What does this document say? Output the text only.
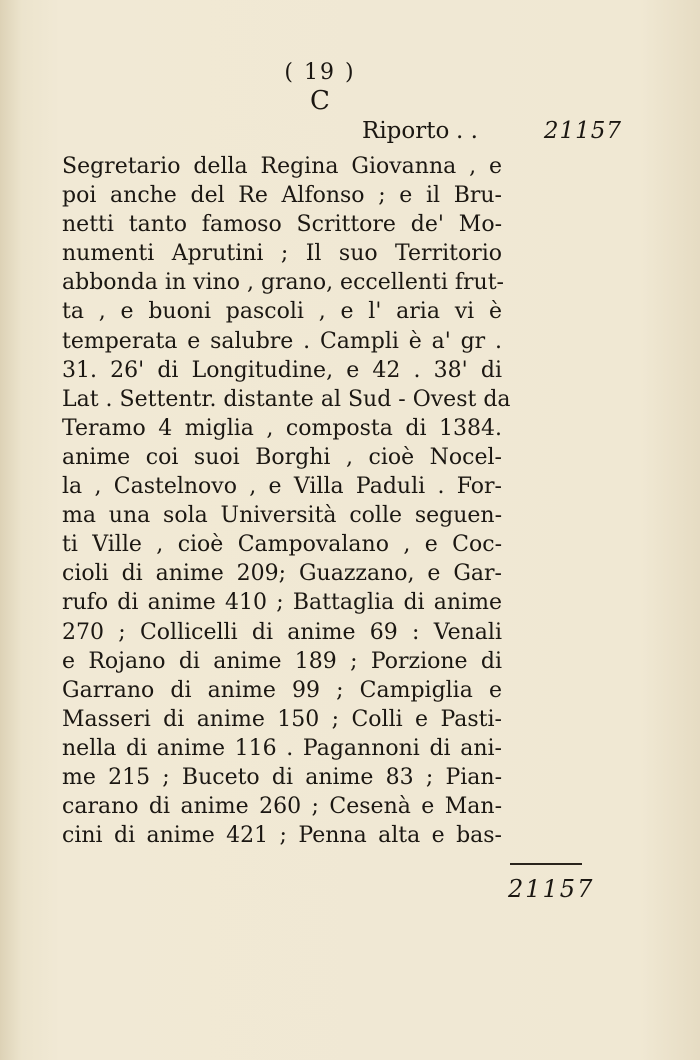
( 19 )
C
Riporto . .	21157
Segretario della Regina Giovanna , e
poi anche del Re Alfonso ; e il Bru-
netti tanto famoso Scrittore de' Mo-
numenti Aprutini ; Il suo Territorio
abbonda in vino , grano, eccellenti frut-
ta , e buoni pascoli , e l' aria vi è
temperata e salubre . Campli è a' gr .
31. 26' di Longitudine, e 42 . 38' di
Lat . Settentr. distante al Sud - Ovest da
Teramo 4 miglia , composta di 1384.
anime coi suoi Borghi , cioè Nocel-
la , Castelnovo , e Villa Paduli . For-
ma una sola Università colle seguen-
ti Ville , cioè Campovalano , e Coc-
cioli di anime 209; Guazzano, e Gar-
rufo di anime 410 ; Battaglia di anime
270 ; Collicelli di anime 69 : Venali
e Rojano di anime 189 ; Porzione di
Garrano di anime 99 ; Campiglia e
Masseri di anime 150 ; Colli e Pasti-
nella di anime 116 . Pagannoni di ani-
me 215 ; Buceto di anime 83 ; Pian-
carano di anime 260 ; Cesenà e Man-
cini di anime 421 ; Penna alta e bas-
21157
